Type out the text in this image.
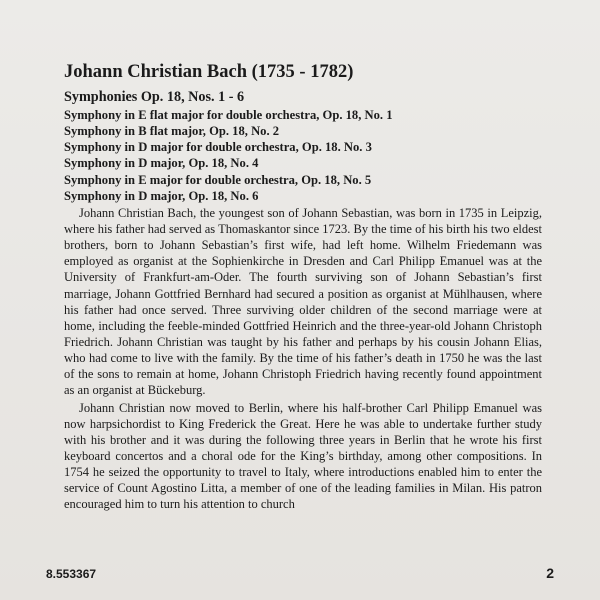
Johann Christian Bach (1735 - 1782)
Symphonies Op. 18, Nos. 1 - 6
Symphony in E flat major for double orchestra, Op. 18, No. 1
Symphony in B flat major, Op. 18, No. 2
Symphony in D major for double orchestra, Op. 18. No. 3
Symphony in D major, Op. 18, No. 4
Symphony in E major for double orchestra, Op. 18, No. 5
Symphony in D major, Op. 18, No. 6

Johann Christian Bach, the youngest son of Johann Sebastian, was born in 1735 in Leipzig, where his father had served as Thomaskantor since 1723. By the time of his birth his two eldest brothers, born to Johann Sebastian’s first wife, had left home. Wilhelm Friedemann was employed as organist at the Sophienkirche in Dresden and Carl Philipp Emanuel was at the University of Frankfurt-am-Oder. The fourth surviving son of Johann Sebastian’s first marriage, Johann Gottfried Bernhard had secured a position as organist at Mühlhausen, where his father had once served. Three surviving older children of the second marriage were at home, including the feeble-minded Gottfried Heinrich and the three-year-old Johann Christoph Friedrich. Johann Christian was taught by his father and perhaps by his cousin Johann Elias, who had come to live with the family. By the time of his father’s death in 1750 he was the last of the sons to remain at home, Johann Christoph Friedrich having recently found appointment as an organist at Bückeburg.

Johann Christian now moved to Berlin, where his half-brother Carl Philipp Emanuel was now harpsichordist to King Frederick the Great. Here he was able to undertake further study with his brother and it was during the following three years in Berlin that he wrote his first keyboard concertos and a choral ode for the King’s birthday, among other compositions. In 1754 he seized the opportunity to travel to Italy, where introductions enabled him to enter the service of Count Agostino Litta, a member of one of the leading families in Milan. His patron encouraged him to turn his attention to church

8.553367	2
